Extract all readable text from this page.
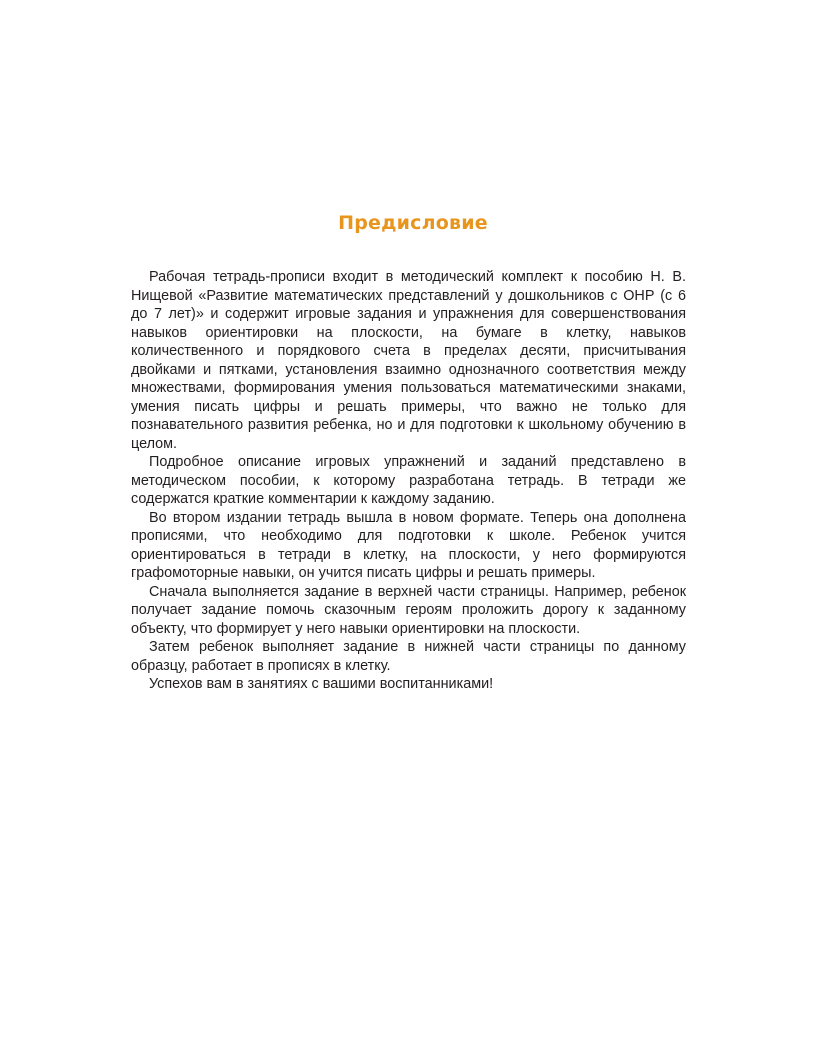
Предисловие

Рабочая тетрадь-прописи входит в методический комплект к пособию Н. В. Нищевой «Развитие математических представлений у дошкольников с ОНР (с 6 до 7 лет)» и содержит игровые задания и упражнения для совершенствования навыков ориентировки на плоскости, на бумаге в клетку, навыков количественного и порядкового счета в пределах десяти, присчитывания двойками и пятками, установления взаимно однозначного соответствия между множествами, формирования умения пользоваться математическими знаками, умения писать цифры и решать примеры, что важно не только для познавательного развития ребенка, но и для подготовки к школьному обучению в целом.

Подробное описание игровых упражнений и заданий представлено в методическом пособии, к которому разработана тетрадь. В тетради же содержатся краткие комментарии к каждому заданию.

Во втором издании тетрадь вышла в новом формате. Теперь она дополнена прописями, что необходимо для подготовки к школе. Ребенок учится ориентироваться в тетради в клетку, на плоскости, у него формируются графомоторные навыки, он учится писать цифры и решать примеры.

Сначала выполняется задание в верхней части страницы. Например, ребенок получает задание помочь сказочным героям проложить дорогу к заданному объекту, что формирует у него навыки ориентировки на плоскости.

Затем ребенок выполняет задание в нижней части страницы по данному образцу, работает в прописях в клетку.

Успехов вам в занятиях с вашими воспитанниками!
